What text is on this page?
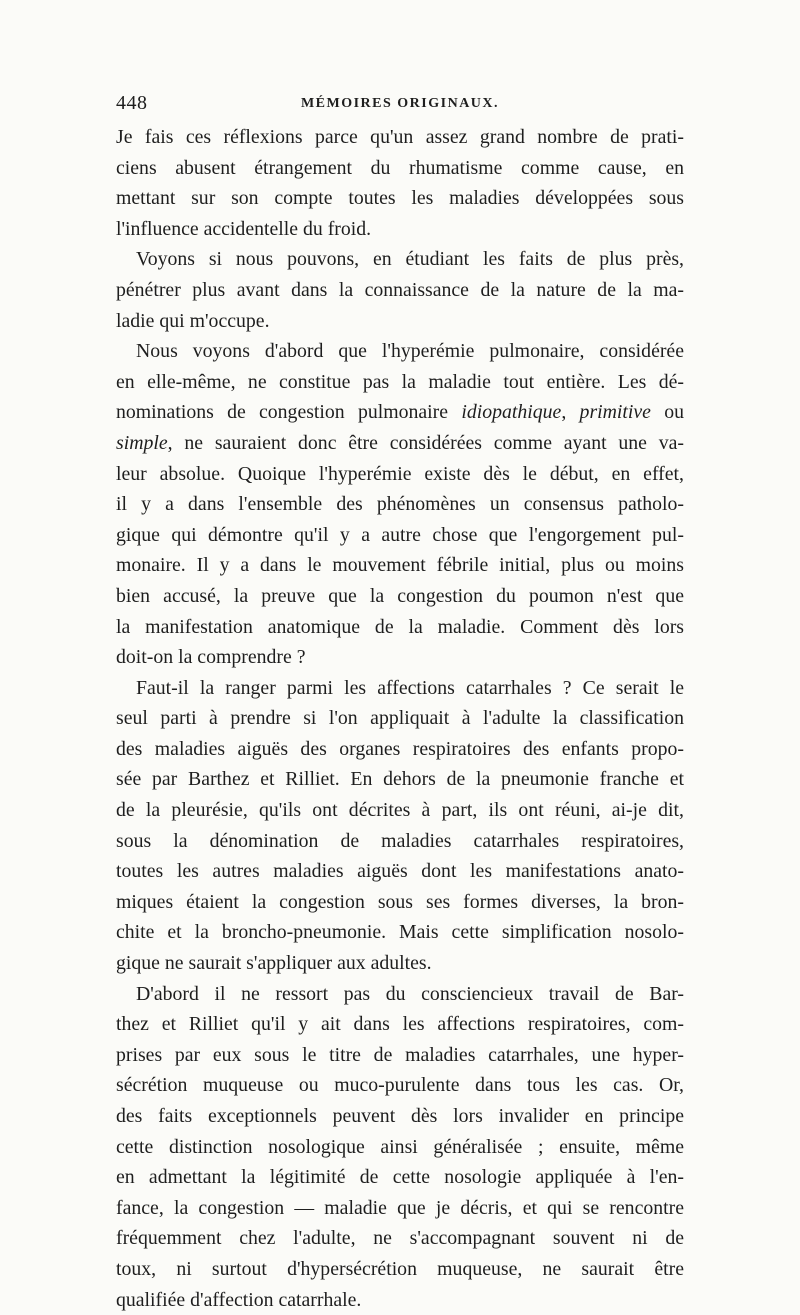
448	MÉMOIRES ORIGINAUX.

Je fais ces réflexions parce qu'un assez grand nombre de prati-
ciens abusent étrangement du rhumatisme comme cause, en
mettant sur son compte toutes les maladies développées sous
l'influence accidentelle du froid.

Voyons si nous pouvons, en étudiant les faits de plus près,
pénétrer plus avant dans la connaissance de la nature de la ma-
ladie qui m'occupe.

Nous voyons d'abord que l'hyperémie pulmonaire, considérée
en elle-même, ne constitue pas la maladie tout entière. Les dé-
nominations de congestion pulmonaire idiopathique, primitive ou
simple, ne sauraient donc être considérées comme ayant une va-
leur absolue. Quoique l'hyperémie existe dès le début, en effet,
il y a dans l'ensemble des phénomènes un consensus patholo-
gique qui démontre qu'il y a autre chose que l'engorgement pul-
monaire. Il y a dans le mouvement fébrile initial, plus ou moins
bien accusé, la preuve que la congestion du poumon n'est que
la manifestation anatomique de la maladie. Comment dès lors
doit-on la comprendre ?

Faut-il la ranger parmi les affections catarrhales ? Ce serait le
seul parti à prendre si l'on appliquait à l'adulte la classification
des maladies aiguës des organes respiratoires des enfants propo-
sée par Barthez et Rilliet. En dehors de la pneumonie franche et
de la pleurésie, qu'ils ont décrites à part, ils ont réuni, ai-je dit,
sous la dénomination de maladies catarrhales respiratoires,
toutes les autres maladies aiguës dont les manifestations anato-
miques étaient la congestion sous ses formes diverses, la bron-
chite et la broncho-pneumonie. Mais cette simplification nosolo-
gique ne saurait s'appliquer aux adultes.

D'abord il ne ressort pas du consciencieux travail de Bar-
thez et Rilliet qu'il y ait dans les affections respiratoires, com-
prises par eux sous le titre de maladies catarrhales, une hyper-
sécrétion muqueuse ou muco-purulente dans tous les cas. Or,
des faits exceptionnels peuvent dès lors invalider en principe
cette distinction nosologique ainsi généralisée ; ensuite, même
en admettant la légitimité de cette nosologie appliquée à l'en-
fance, la congestion — maladie que je décris, et qui se rencontre
fréquemment chez l'adulte, ne s'accompagnant souvent ni de
toux, ni surtout d'hypersécrétion muqueuse, ne saurait être
qualifiée d'affection catarrhale.
